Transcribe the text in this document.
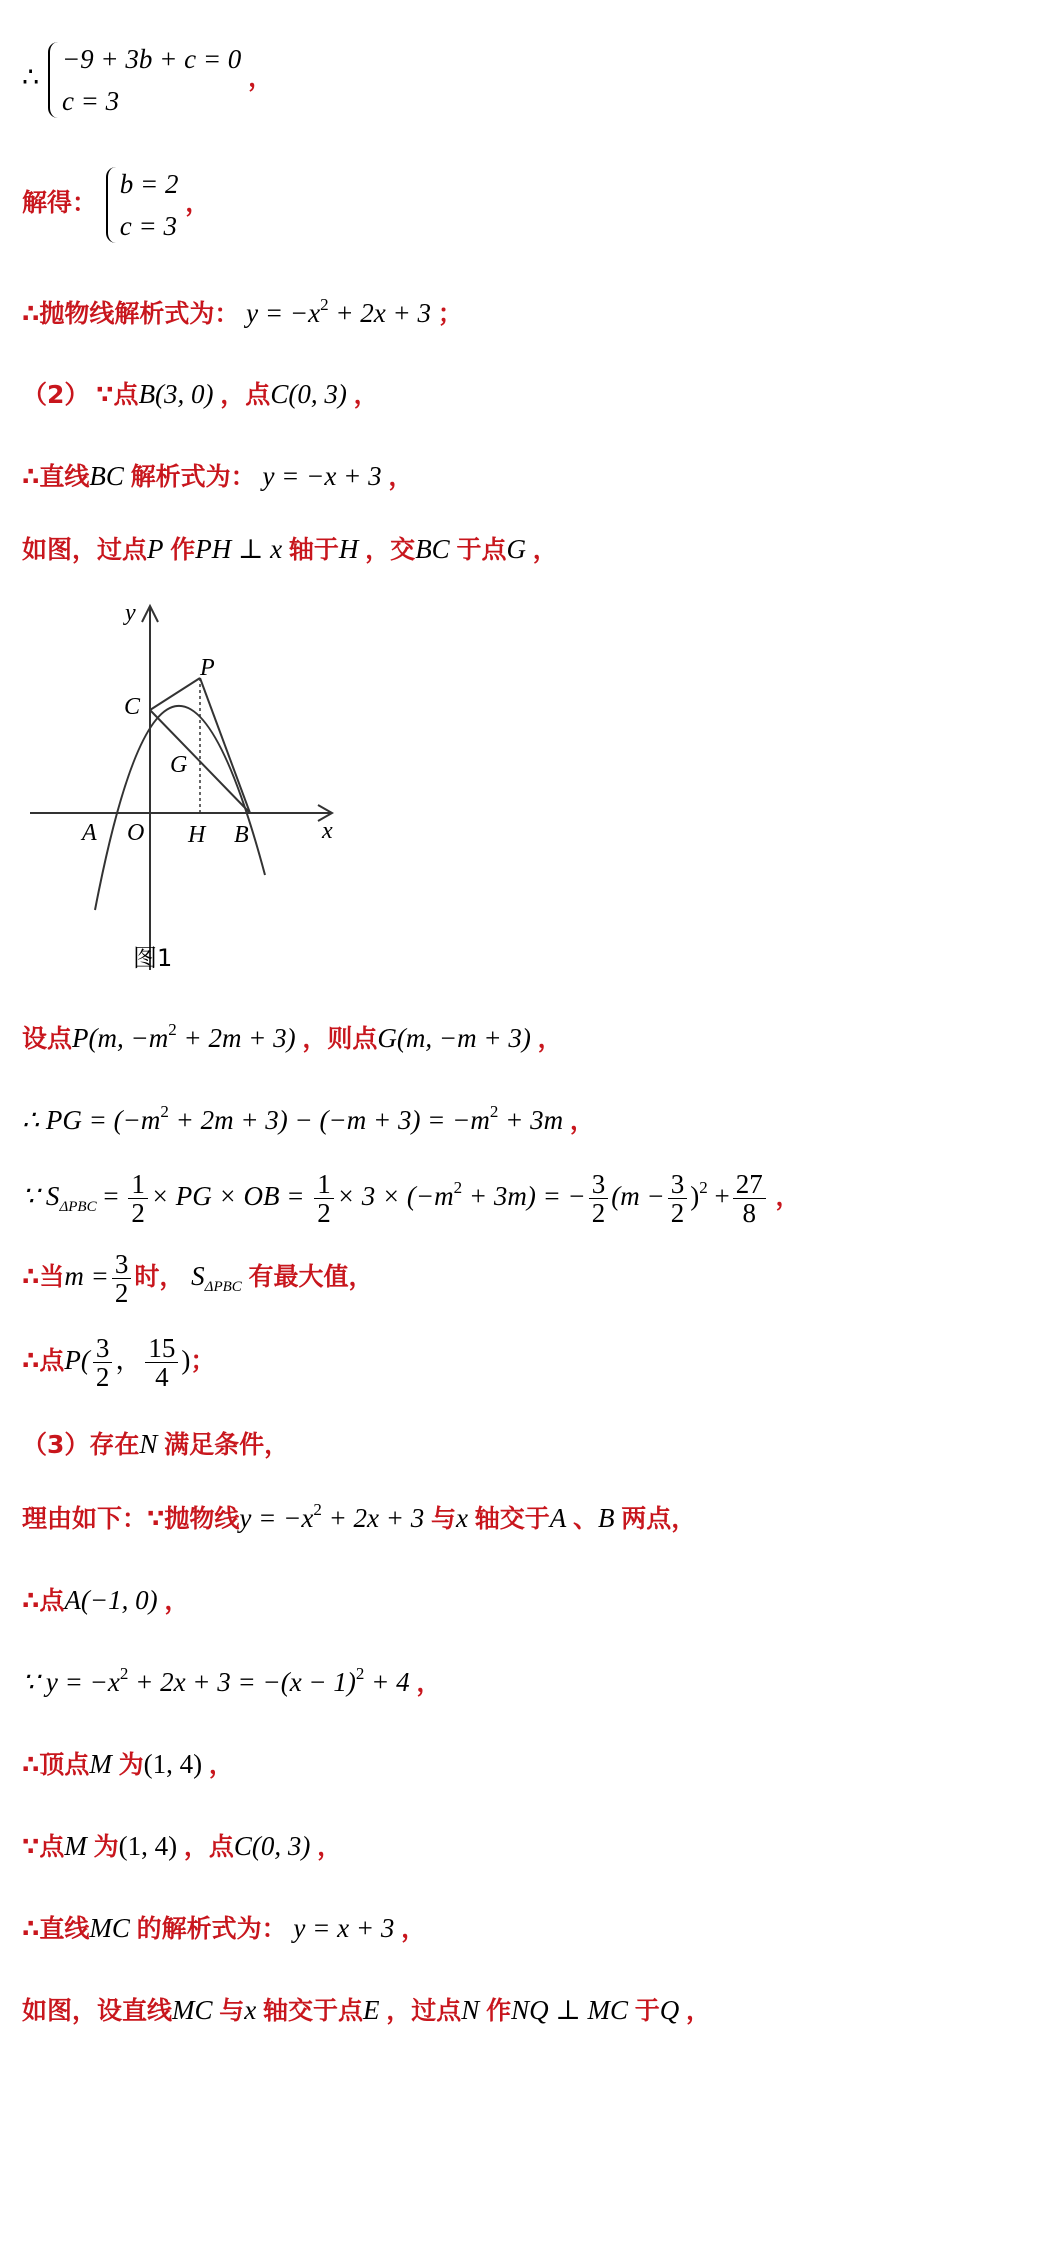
∴
−9 + 3b + c = 0
c = 3
，
解得：
b = 2
c = 3
，
∴抛物线解析式为： $y = -x^2 + 2x + 3$ ；
（2） ∵点B(3, 0) ，点C(0, 3) ，
∴直线BC 解析式为： y = −x + 3 ，
如图，过点P 作PH ⊥ x 轴于H ，交BC 于点G ，
y
x
O
A	B
C
P
G
H
图1
设点P(m, $-m^2 + 2m + 3$) ，则点G(m, −m + 3) ，
∴ PG = $(-m^2 + 2m + 3) - (-m + 3) = -m^2 + 3m$ ，
∵ $S_{\Delta PBC} = \frac{1}{2}$ × PG × OB = $\frac{1}{2} \times 3 \times (-m^2 + 3m)$ = − $\frac{3}{2} (m - \frac{3}{2} )^2 + \frac{27}{8}$ ，
∴当$m = \frac{3}{2}$ 时， $S_{\Delta PBC}$ 有最大值，
∴点$P( \frac{3}{2}$ ， $\frac{15}{4}$ )；
（3）存在N 满足条件，
理由如下：∵抛物线$y = -x^2 + 2x + 3$ 与x 轴交于A 、B 两点，
∴点A(−1, 0) ，
∵ $y = -x^2 + 2x + 3 = -(x - 1)^2 + 4$ ，
∴顶点M 为(1, 4) ，
∵点M 为(1, 4) ，点C(0, 3) ，
∴直线MC 的解析式为： y = x + 3 ，
如图，设直线MC 与x 轴交于点E ，过点N 作NQ ⊥ MC 于Q ，
